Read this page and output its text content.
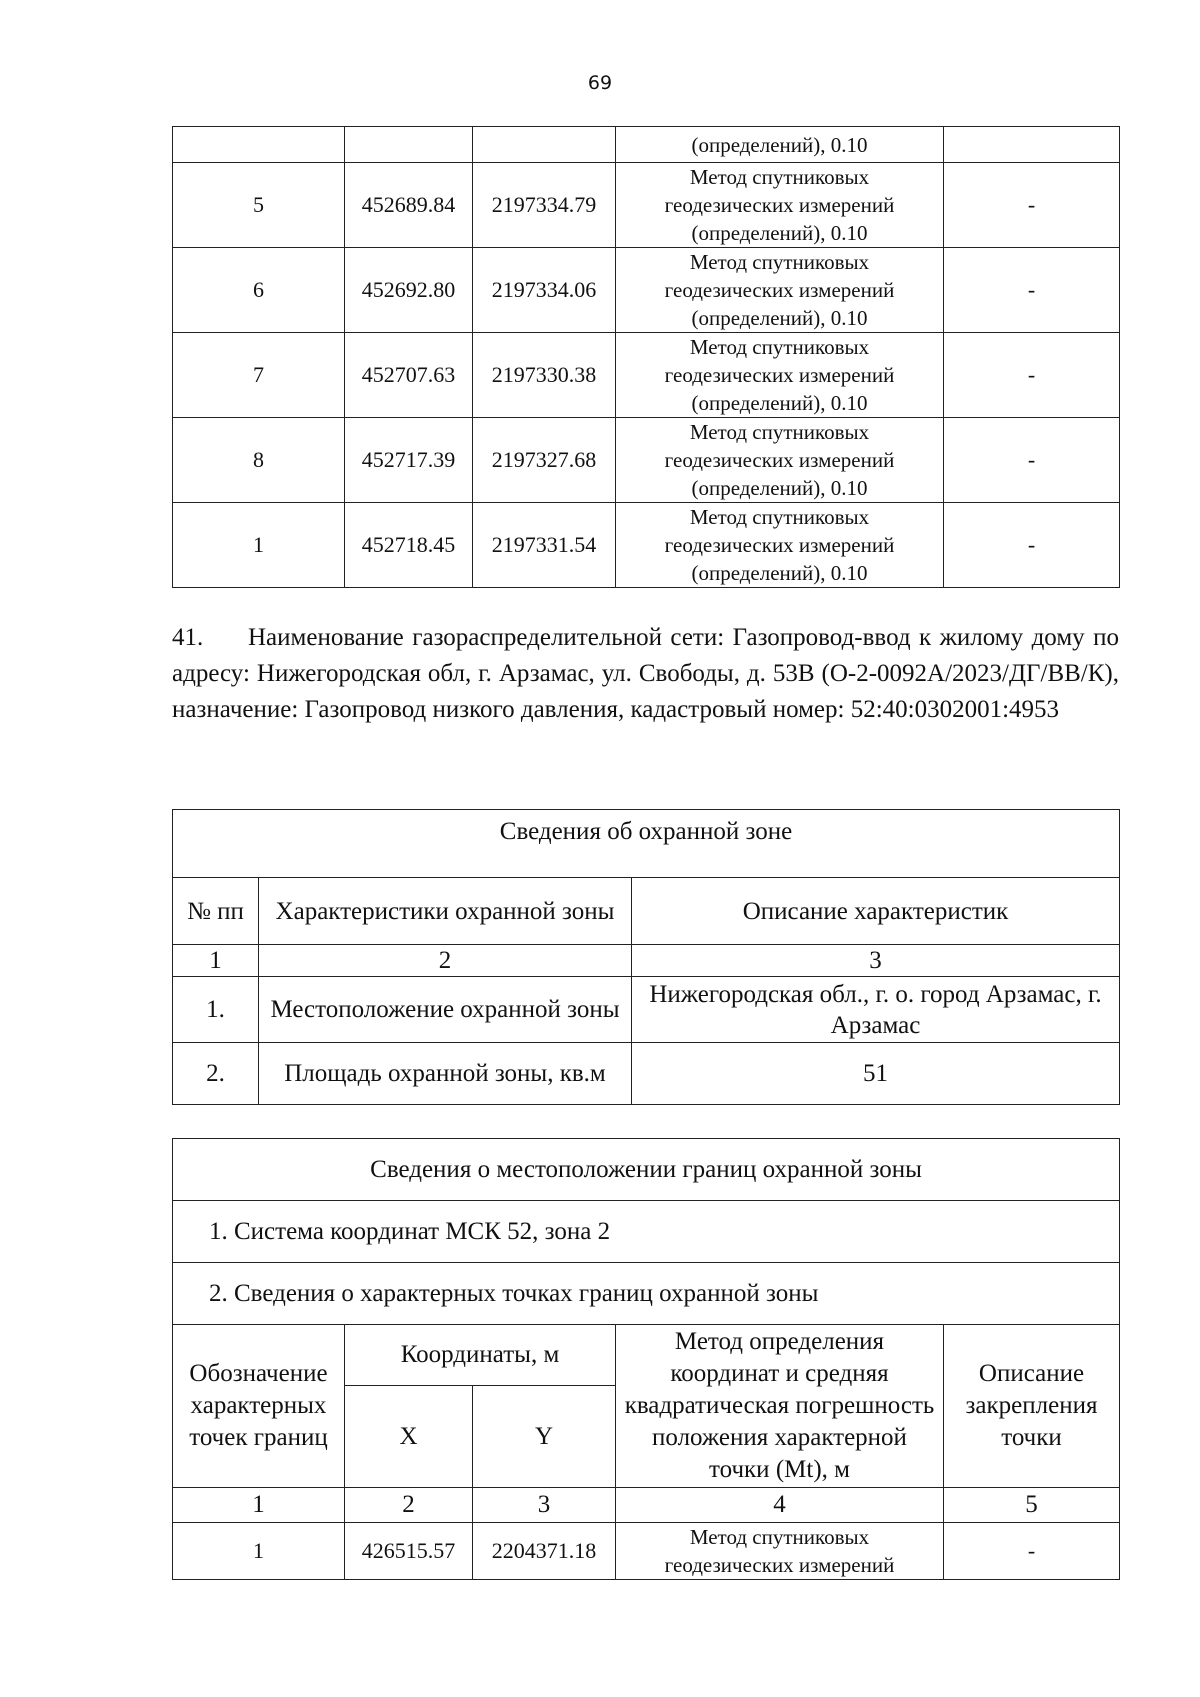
69
			(определений), 0.10	
5	452689.84	2197334.79	Метод спутниковых
геодезических измерений
(определений), 0.10	-
6	452692.80	2197334.06	Метод спутниковых
геодезических измерений
(определений), 0.10	-
7	452707.63	2197330.38	Метод спутниковых
геодезических измерений
(определений), 0.10	-
8	452717.39	2197327.68	Метод спутниковых
геодезических измерений
(определений), 0.10	-
1	452718.45	2197331.54	Метод спутниковых
геодезических измерений
(определений), 0.10	-
41. Наименование газораспределительной сети: Газопровод-ввод к жилому дому по адресу: Нижегородская обл, г. Арзамас, ул. Свободы, д. 53В (О-2-0092А/2023/ДГ/ВВ/К), назначение: Газопровод низкого давления, кадастровый номер: 52:40:0302001:4953
Сведения об охранной зоне		
№ пп	Характеристики охранной зоны	Описание характеристик
1	2	3
1.	Местоположение охранной зоны	Нижегородская обл., г. о. город Арзамас, г. Арзамас
2.	Площадь охранной зоны, кв.м	51
Сведения о местоположении границ охранной зоны				
1. Система координат МСК 52, зона 2				
2. Сведения о характерных точках границ охранной зоны				
Обозначение характерных точек границ	Координаты, м		Метод определения координат и средняя квадратическая погрешность положения характерной точки (Mt), м	Описание закрепления точки
	X	Y		
1	2	3	4	5
1	426515.57	2204371.18	Метод спутниковых
геодезических измерений	-
